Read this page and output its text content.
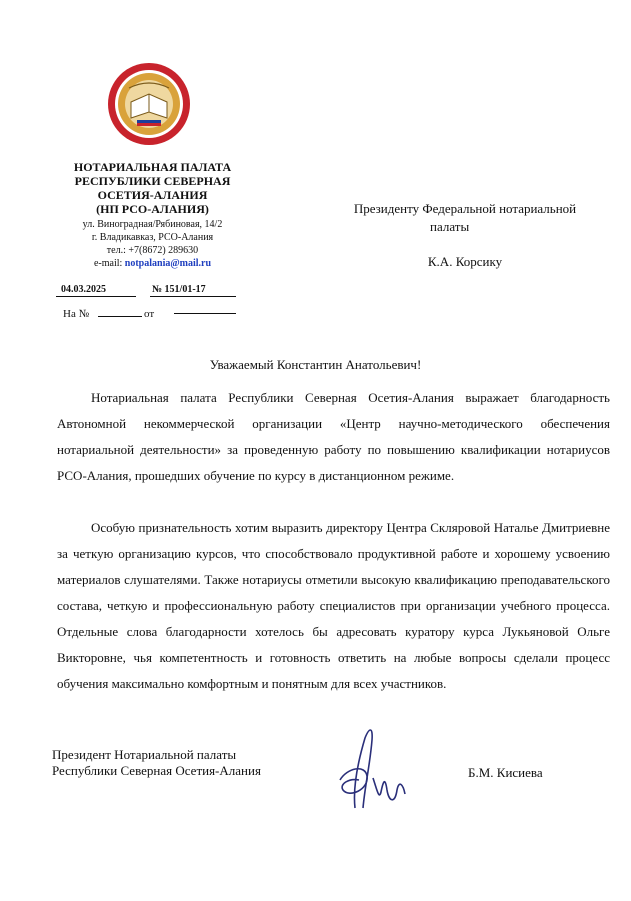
НОТАРИАЛЬНАЯ ПАЛАТА
РЕСПУБЛИКИ СЕВЕРНАЯ
ОСЕТИЯ-АЛАНИЯ
(НП РСО-АЛАНИЯ)
ул. Виноградная/Рябиновая, 14/2
г. Владикавказ, РСО-Алания
тел.: +7(8672) 289630
e-mail: notpalania@mail.ru
04.03.2025	№ 151/01-17
На №	от
Президенту Федеральной нотариальной
палаты
К.А. Корсику
Уважаемый Константин Анатольевич!
Нотариальная палата Республики Северная Осетия-Алания выражает благодарность Автономной некоммерческой организации «Центр научно-методического обеспечения нотариальной деятельности» за проведенную работу по повышению квалификации нотариусов РСО-Алания, прошедших обучение по курсу в дистанционном режиме.
Особую признательность хотим выразить директору Центра Скляровой Наталье Дмитриевне за четкую организацию курсов, что способствовало продуктивной работе и хорошему усвоению материалов слушателями. Также нотариусы отметили высокую квалификацию преподавательского состава, четкую и профессиональную работу специалистов при организации учебного процесса. Отдельные слова благодарности хотелось бы адресовать куратору курса Лукьяновой Ольге Викторовне, чья компетентность и готовность ответить на любые вопросы сделали процесс обучения максимально комфортным и понятным для всех участников.
Президент Нотариальной палаты
Республики Северная Осетия-Алания	Б.М. Кисиева
